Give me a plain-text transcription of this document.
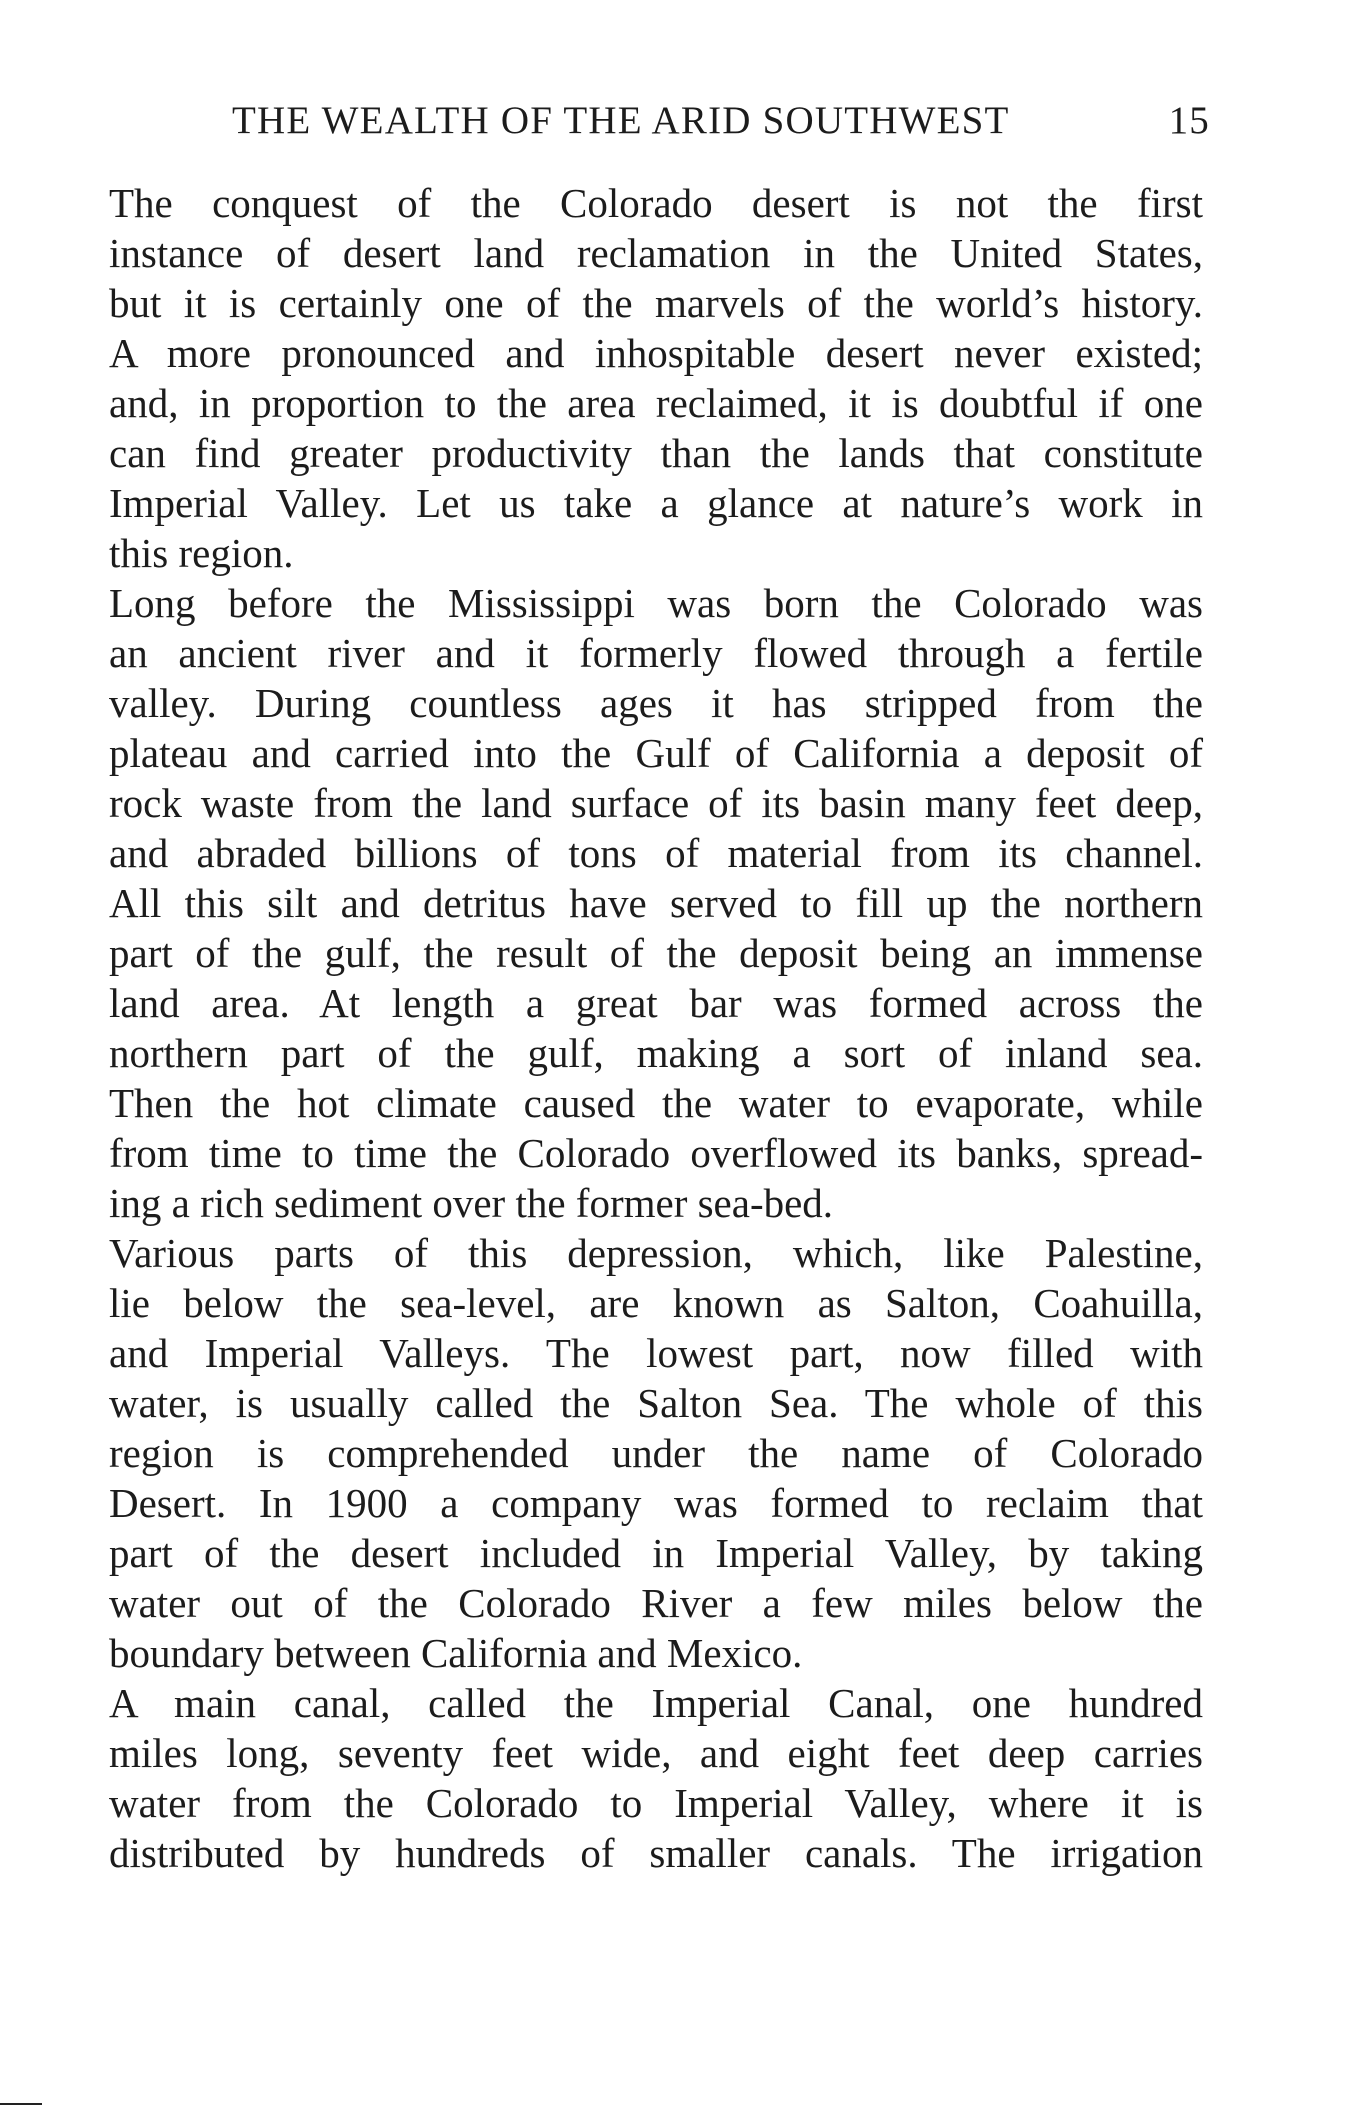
THE WEALTH OF THE ARID SOUTHWEST	15
The conquest of the Colorado desert is not the first
instance of desert land reclamation in the United States,
but it is certainly one of the marvels of the world’s history.
A more pronounced and inhospitable desert never existed;
and, in proportion to the area reclaimed, it is doubtful if one
can find greater productivity than the lands that constitute
Imperial Valley. Let us take a glance at nature’s work in
this region.
Long before the Mississippi was born the Colorado was
an ancient river and it formerly flowed through a fertile
valley. During countless ages it has stripped from the
plateau and carried into the Gulf of California a deposit of
rock waste from the land surface of its basin many feet deep,
and abraded billions of tons of material from its channel.
All this silt and detritus have served to fill up the northern
part of the gulf, the result of the deposit being an immense
land area. At length a great bar was formed across the
northern part of the gulf, making a sort of inland sea.
Then the hot climate caused the water to evaporate, while
from time to time the Colorado overflowed its banks, spread-
ing a rich sediment over the former sea-bed.
Various parts of this depression, which, like Palestine,
lie below the sea-level, are known as Salton, Coahuilla,
and Imperial Valleys. The lowest part, now filled with
water, is usually called the Salton Sea. The whole of this
region is comprehended under the name of Colorado
Desert. In 1900 a company was formed to reclaim that
part of the desert included in Imperial Valley, by taking
water out of the Colorado River a few miles below the
boundary between California and Mexico.
A main canal, called the Imperial Canal, one hundred
miles long, seventy feet wide, and eight feet deep carries
water from the Colorado to Imperial Valley, where it is
distributed by hundreds of smaller canals. The irrigation
